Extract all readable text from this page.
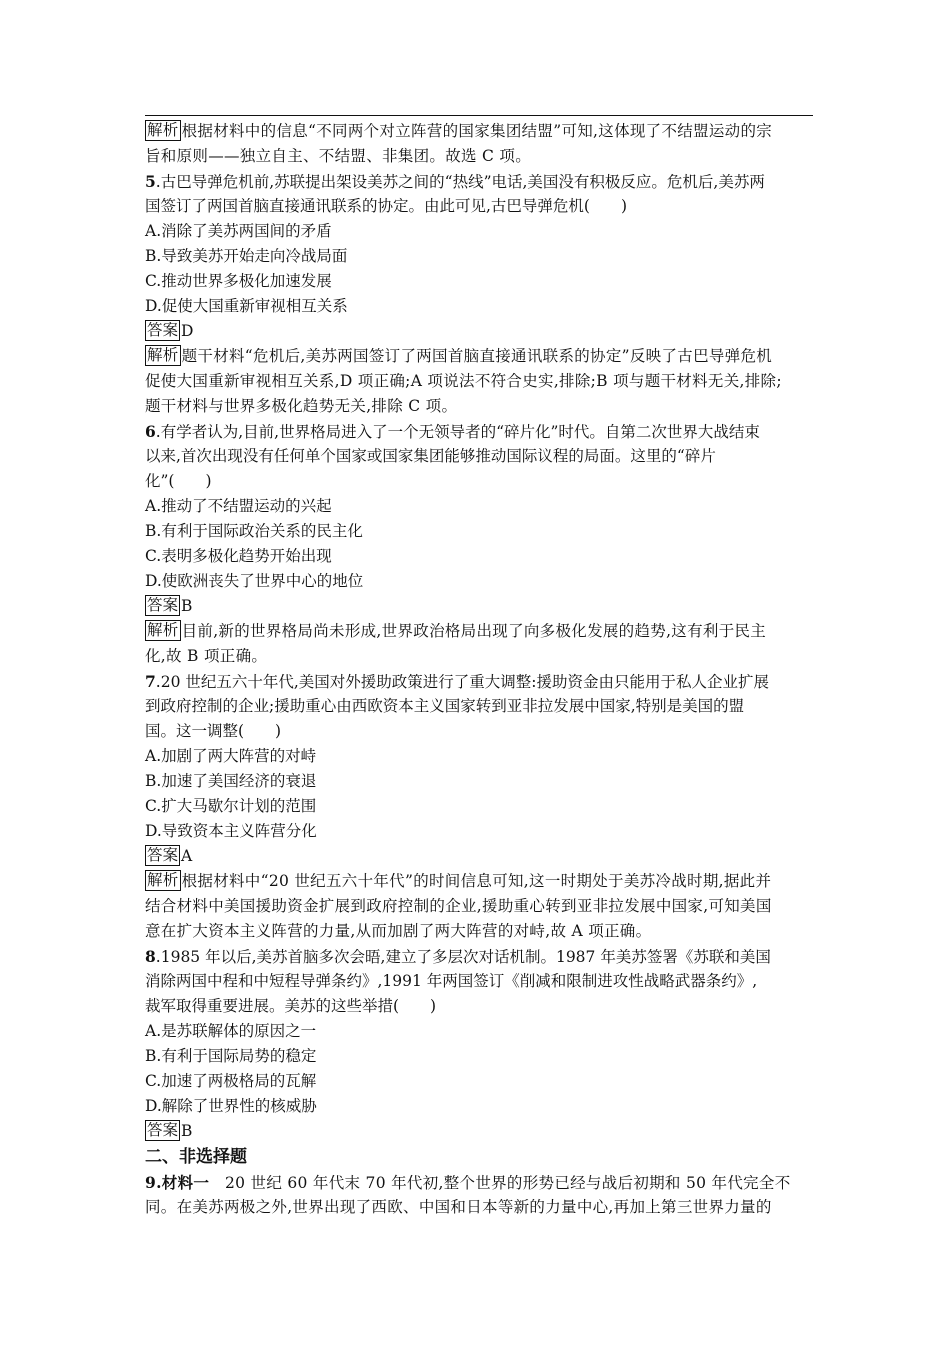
解析 根据材料中的信息“不同两个对立阵营的国家集团结盟”可知,这体现了不结盟运动的宗
旨和原则——独立自主、不结盟、非集团。故选 C 项。
5.古巴导弹危机前,苏联提出架设美苏之间的“热线”电话,美国没有积极反应。危机后,美苏两
国签订了两国首脑直接通讯联系的协定。由此可见,古巴导弹危机(　　)
A.消除了美苏两国间的矛盾
B.导致美苏开始走向冷战局面
C.推动世界多极化加速发展
D.促使大国重新审视相互关系
答案 D
解析 题干材料“危机后,美苏两国签订了两国首脑直接通讯联系的协定”反映了古巴导弹危机
促使大国重新审视相互关系,D 项正确;A 项说法不符合史实,排除;B 项与题干材料无关,排除;
题干材料与世界多极化趋势无关,排除 C 项。
6.有学者认为,目前,世界格局进入了一个无领导者的“碎片化”时代。自第二次世界大战结束
以来,首次出现没有任何单个国家或国家集团能够推动国际议程的局面。这里的“碎片
化”(　　)
A.推动了不结盟运动的兴起
B.有利于国际政治关系的民主化
C.表明多极化趋势开始出现
D.使欧洲丧失了世界中心的地位
答案 B
解析 目前,新的世界格局尚未形成,世界政治格局出现了向多极化发展的趋势,这有利于民主
化,故 B 项正确。
7.20 世纪五六十年代,美国对外援助政策进行了重大调整:援助资金由只能用于私人企业扩展
到政府控制的企业;援助重心由西欧资本主义国家转到亚非拉发展中国家,特别是美国的盟
国。这一调整(　　)
A.加剧了两大阵营的对峙
B.加速了美国经济的衰退
C.扩大马歇尔计划的范围
D.导致资本主义阵营分化
答案 A
解析 根据材料中“20 世纪五六十年代”的时间信息可知,这一时期处于美苏冷战时期,据此并
结合材料中美国援助资金扩展到政府控制的企业,援助重心转到亚非拉发展中国家,可知美国
意在扩大资本主义阵营的力量,从而加剧了两大阵营的对峙,故 A 项正确。
8.1985 年以后,美苏首脑多次会晤,建立了多层次对话机制。1987 年美苏签署《苏联和美国
消除两国中程和中短程导弹条约》,1991 年两国签订《削减和限制进攻性战略武器条约》,
裁军取得重要进展。美苏的这些举措(　　)
A.是苏联解体的原因之一
B.有利于国际局势的稳定
C.加速了两极格局的瓦解
D.解除了世界性的核威胁
答案 B
二、非选择题
9.材料一　20 世纪 60 年代末 70 年代初,整个世界的形势已经与战后初期和 50 年代完全不
同。在美苏两极之外,世界出现了西欧、中国和日本等新的力量中心,再加上第三世界力量的
